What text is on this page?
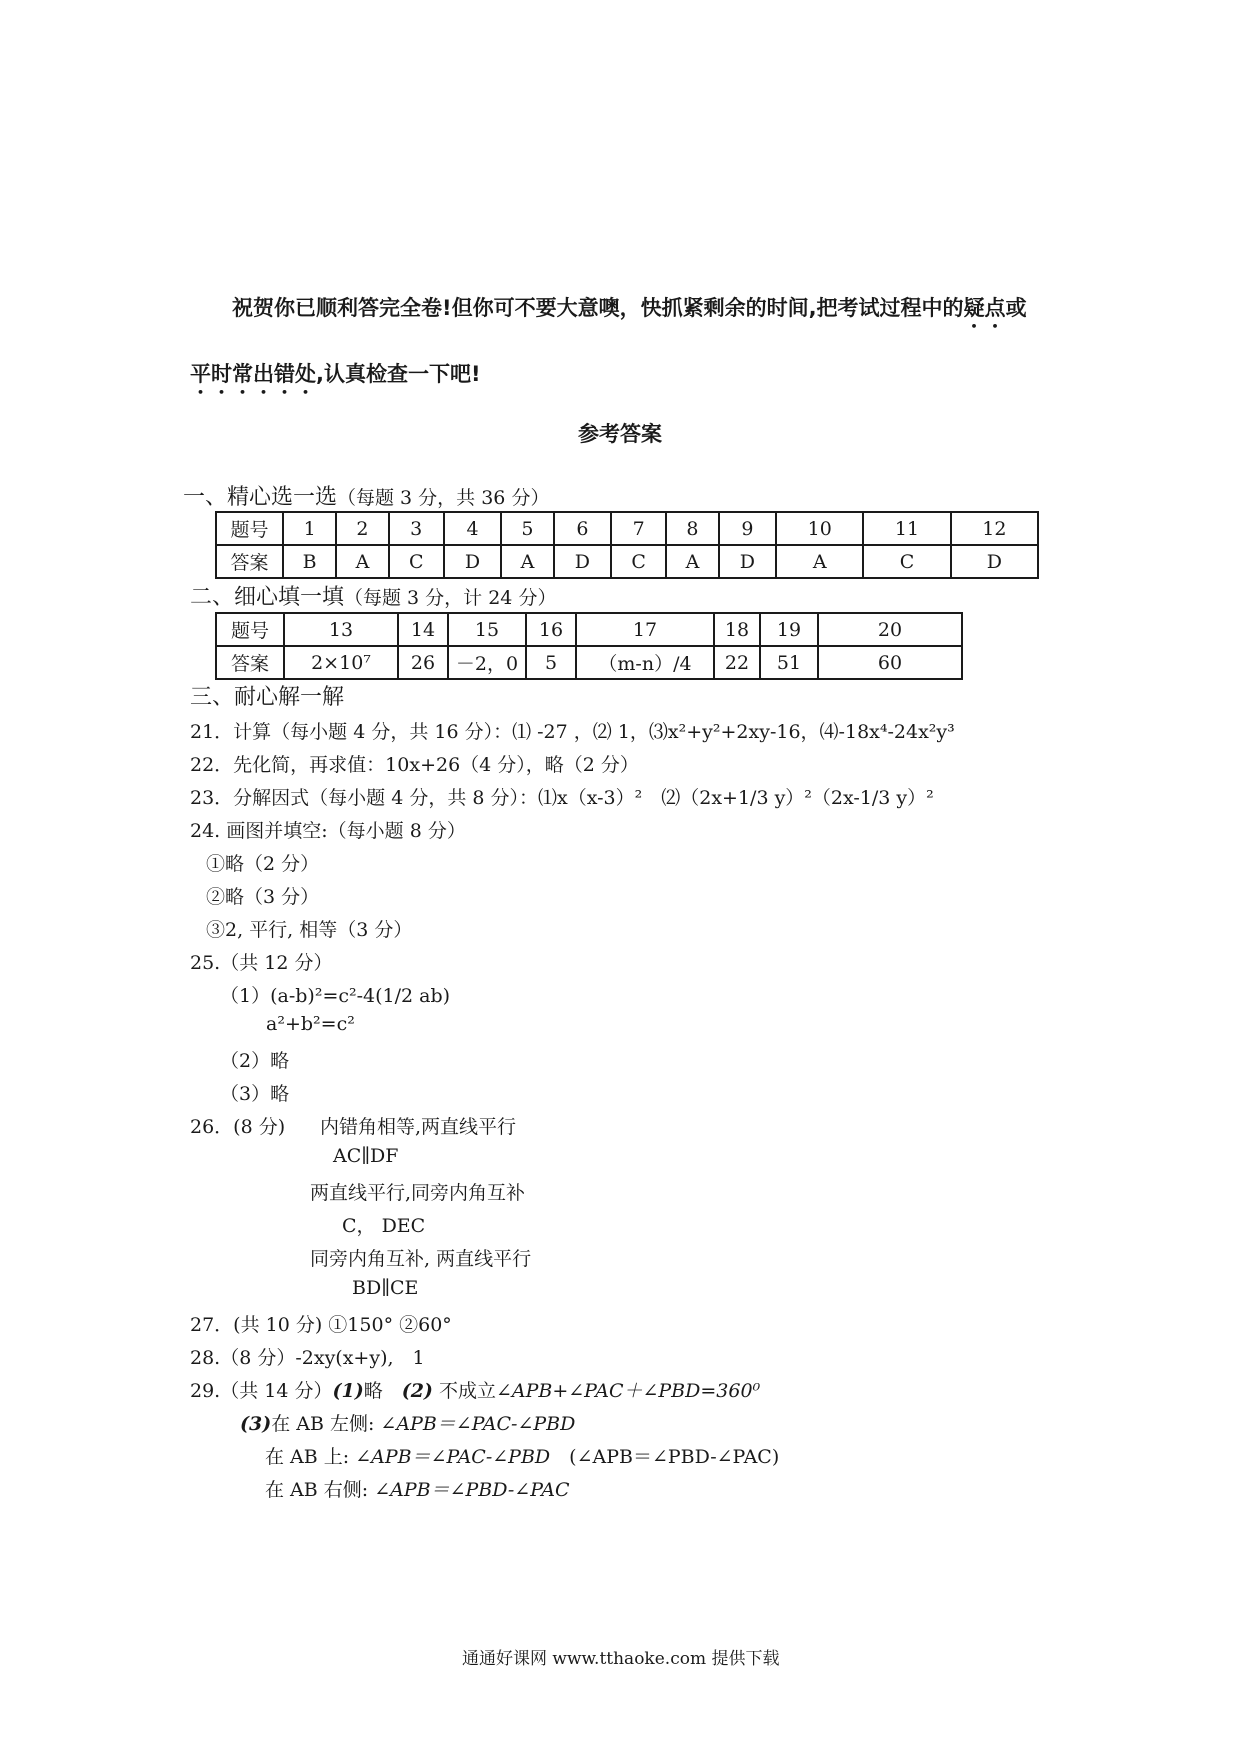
祝贺你已顺利答完全卷!但你可不要大意噢，快抓紧剩余的时间,把考试过程中的疑点或
平时常出错处,认真检查一下吧!
参考答案
一、精心选一选（每题 3 分，共 36 分）
题号	1	2	3	4	5	6	7	8	9	10	11	12
答案	B	A	C	D	A	D	C	A	D	A	C	D
二、细心填一填（每题 3 分，计 24 分）
题号	13	14	15	16	17	18	19	20
答案	2×10⁷	26	－2，0	5	（m-n）/4	22	51	60
三、耐心解一解
21．计算（每小题 4 分，共 16 分）：⑴ -27 ，⑵ 1，⑶x²+y²+2xy-16，⑷-18x⁴-24x²y³
22．先化简，再求值：10x+26（4 分），略（2 分）
23．分解因式（每小题 4 分，共 8 分）：⑴x（x-3）²　⑵（2x+1/3 y）²（2x-1/3 y）²
24. 画图并填空:（每小题 8 分）
①略（2 分）
②略（3 分）
③2, 平行, 相等（3 分）
25.（共 12 分）
（1）(a-b)²=c²-4(1/2 ab)
a²+b²=c²
（2）略
（3）略
26．(8 分) 内错角相等,两直线平行
AC∥DF
两直线平行,同旁内角互补
C， DEC
同旁内角互补, 两直线平行
BD∥CE
27．(共 10 分) ①150° ②60°
28.（8 分）-2xy(x+y),　1
29.（共 14 分）(1)略　(2) 不成立∠APB+∠PAC＋∠PBD=360⁰
(3)在 AB 左侧: ∠APB＝∠PAC-∠PBD
在 AB 上: ∠APB＝∠PAC-∠PBD　(∠APB＝∠PBD-∠PAC)
在 AB 右侧: ∠APB＝∠PBD-∠PAC
通通好课网 www.tthaoke.com 提供下载
